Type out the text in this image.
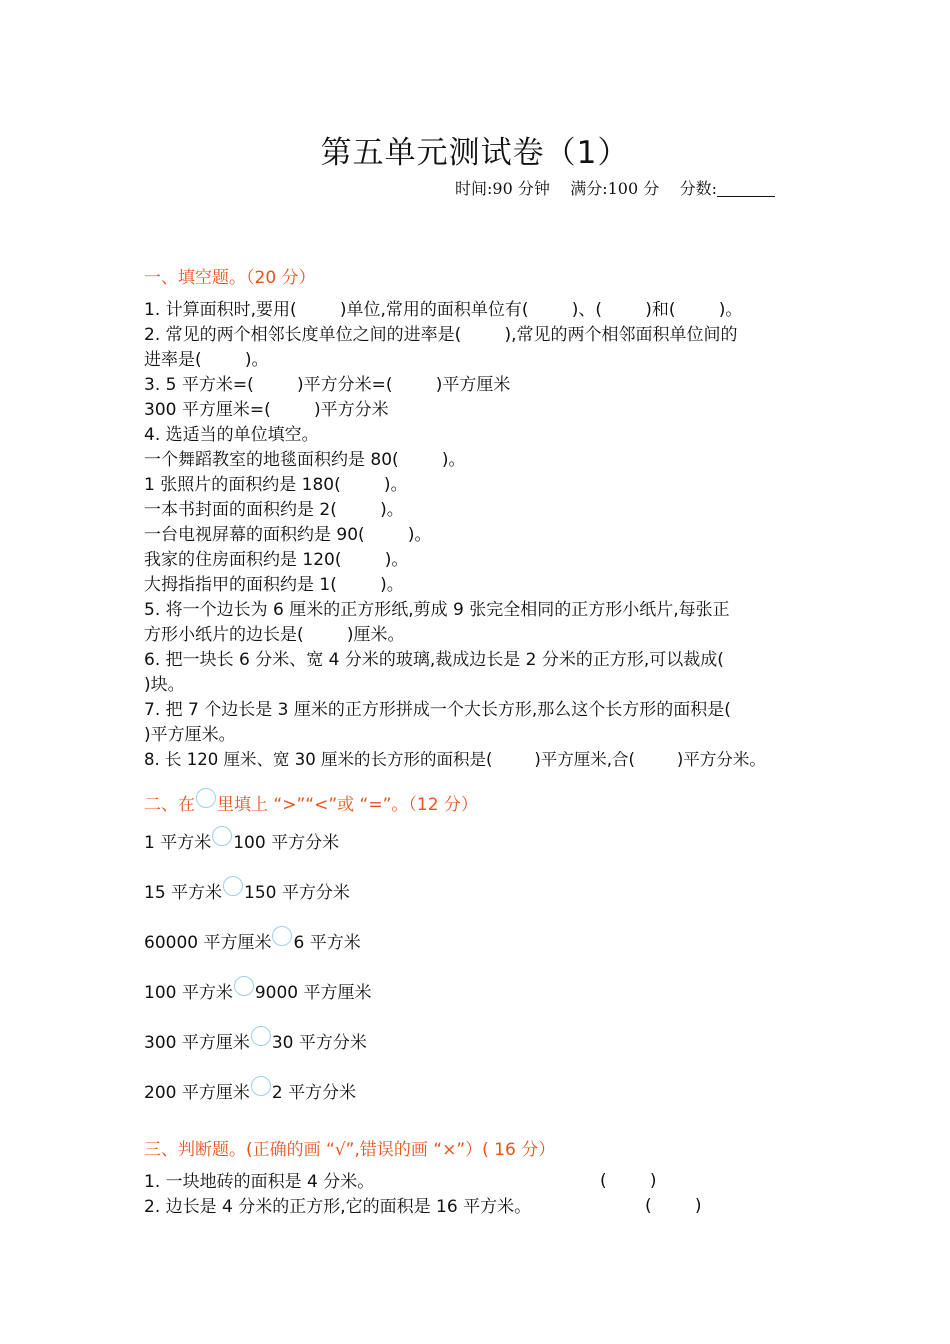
第五单元测试卷（1）
时间:90 分钟 满分:100 分 分数:
一、填空题。（20 分）
1. 计算面积时,要用(        )单位,常用的面积单位有(        )、(        )和(        )。
2. 常见的两个相邻长度单位之间的进率是(        ),常见的两个相邻面积单位间的
进率是(        )。
3. 5 平方米=(        )平方分米=(        )平方厘米
300 平方厘米=(        )平方分米
4. 选适当的单位填空。
一个舞蹈教室的地毯面积约是 80(        )。
1 张照片的面积约是 180(        )。
一本书封面的面积约是 2(        )。
一台电视屏幕的面积约是 90(        )。
我家的住房面积约是 120(        )。
大拇指指甲的面积约是 1(        )。
5. 将一个边长为 6 厘米的正方形纸,剪成 9 张完全相同的正方形小纸片,每张正
方形小纸片的边长是(        )厘米。
6. 把一块长 6 分米、宽 4 分米的玻璃,裁成边长是 2 分米的正方形,可以裁成(
)块。
7. 把 7 个边长是 3 厘米的正方形拼成一个大长方形,那么这个长方形的面积是(
)平方厘米。
8. 长 120 厘米、宽 30 厘米的长方形的面积是(        )平方厘米,合(        )平方分米。
二、在 里填上 “>”“<”或 “=”。（12 分）
1 平方米 100 平方分米
15 平方米 150 平方分米
60000 平方厘米 6 平方米
100 平方米 9000 平方厘米
300 平方厘米 30 平方分米
200 平方厘米 2 平方分米
三、判断题。(正确的画 “√”,错误的画 “×”）( 16 分）
1. 一块地砖的面积是 4 分米。	(        )
2. 边长是 4 分米的正方形,它的面积是 16 平方米。	(        )
